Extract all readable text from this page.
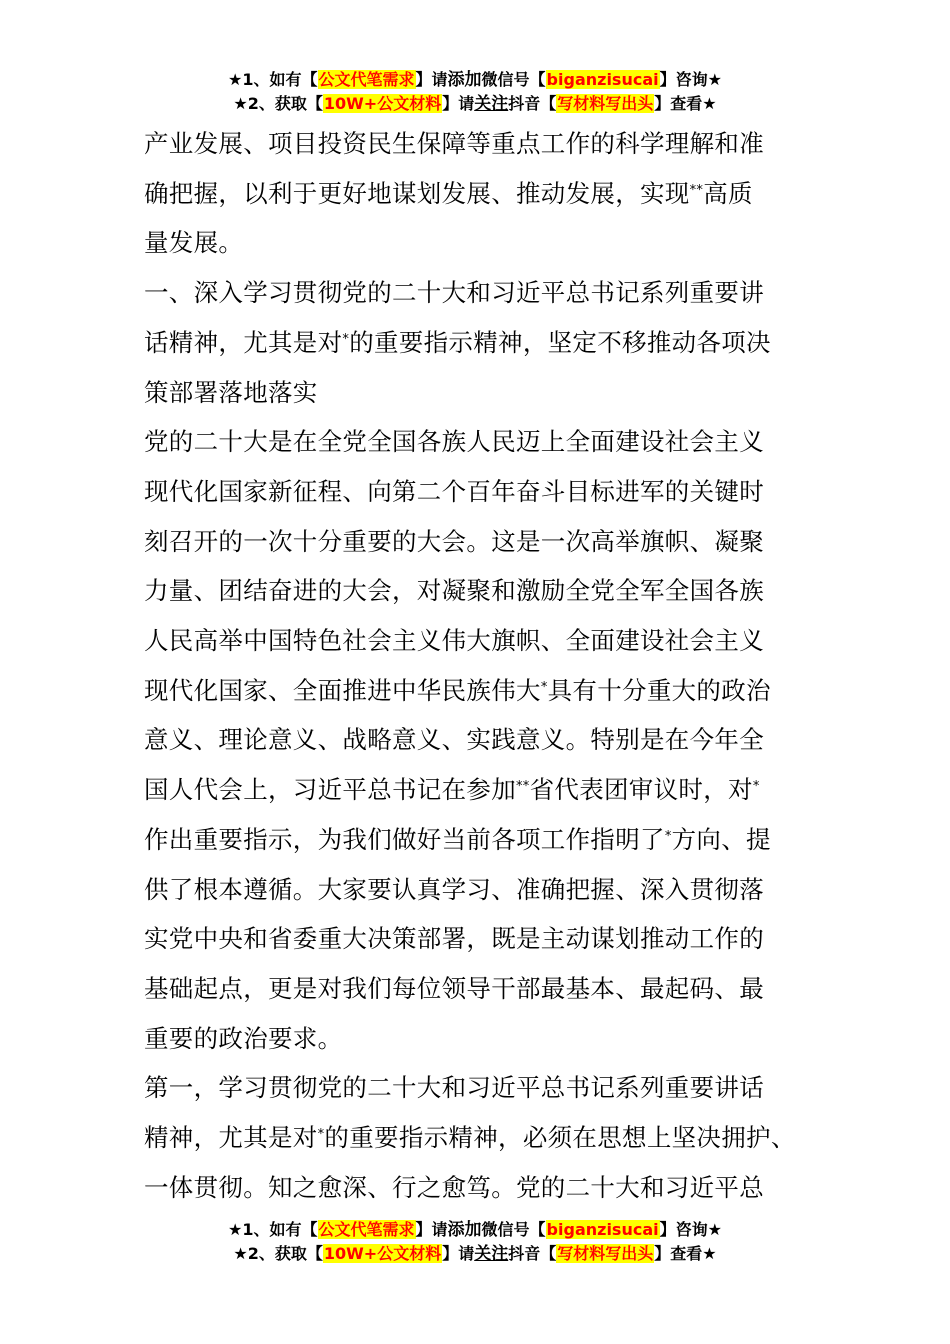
★1、如有【公文代笔需求】请添加微信号【biganzisucai】咨询★
★2、获取【10W+公文材料】请关注抖音【写材料写出头】查看★

产业发展、项目投资民生保障等重点工作的科学理解和准
确把握，以利于更好地谋划发展、推动发展，实现**高质
量发展。

一、深入学习贯彻党的二十大和习近平总书记系列重要讲
话精神，尤其是对*的重要指示精神，坚定不移推动各项决
策部署落地落实

党的二十大是在全党全国各族人民迈上全面建设社会主义
现代化国家新征程、向第二个百年奋斗目标进军的关键时
刻召开的一次十分重要的大会。这是一次高举旗帜、凝聚
力量、团结奋进的大会，对凝聚和激励全党全军全国各族
人民高举中国特色社会主义伟大旗帜、全面建设社会主义
现代化国家、全面推进中华民族伟大*具有十分重大的政治
意义、理论意义、战略意义、实践意义。特别是在今年全
国人代会上，习近平总书记在参加**省代表团审议时，对*
作出重要指示，为我们做好当前各项工作指明了*方向、提
供了根本遵循。大家要认真学习、准确把握、深入贯彻落
实党中央和省委重大决策部署，既是主动谋划推动工作的
基础起点，更是对我们每位领导干部最基本、最起码、最
重要的政治要求。

第一，学习贯彻党的二十大和习近平总书记系列重要讲话
精神，尤其是对*的重要指示精神，必须在思想上坚决拥护、
一体贯彻。知之愈深、行之愈笃。党的二十大和习近平总

★1、如有【公文代笔需求】请添加微信号【biganzisucai】咨询★
★2、获取【10W+公文材料】请关注抖音【写材料写出头】查看★
